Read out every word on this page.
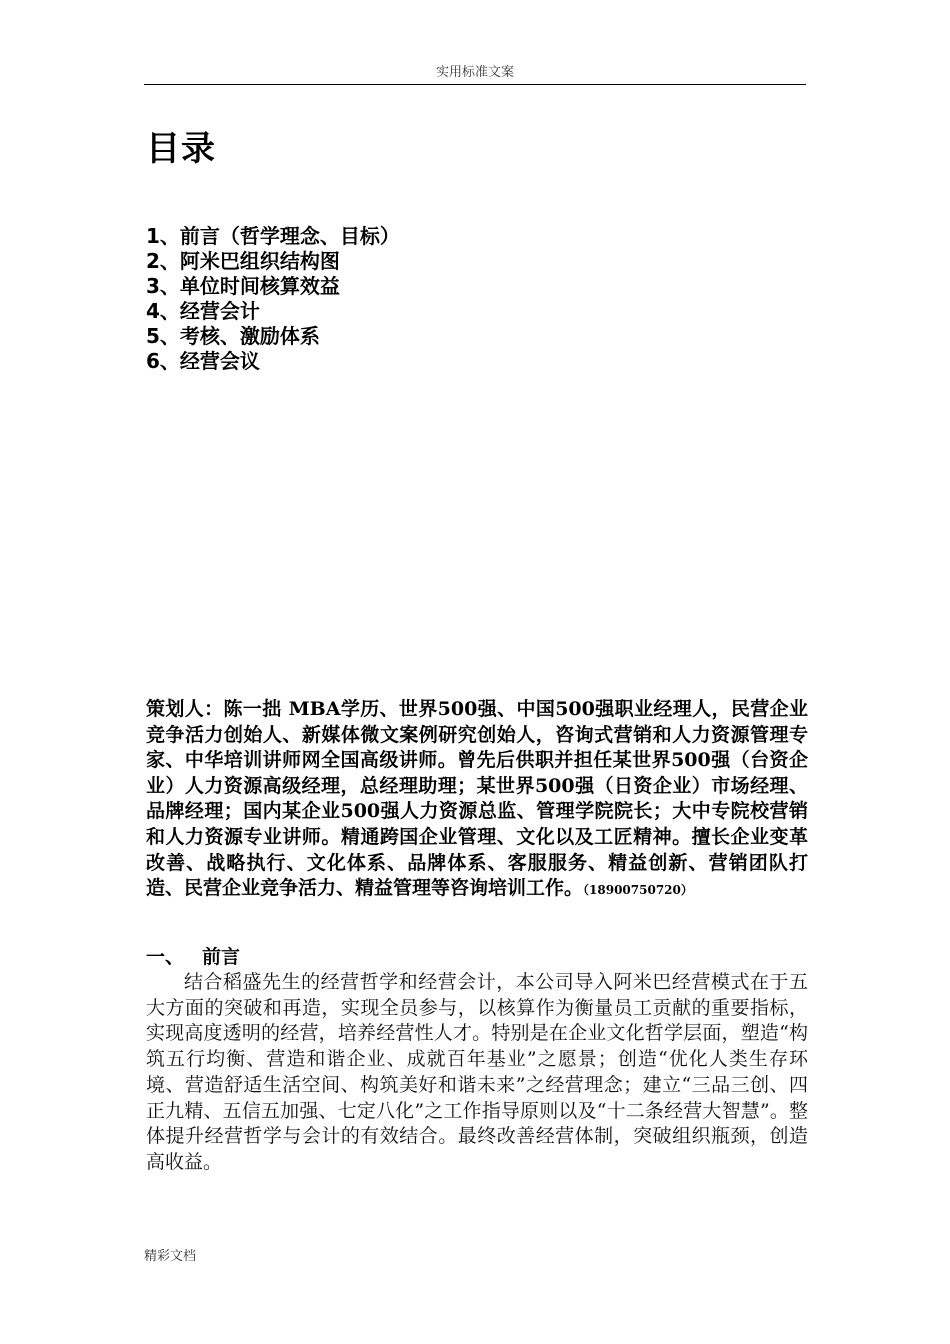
实用标准文案
目录
1、前言（哲学理念、目标）
2、阿米巴组织结构图
3、单位时间核算效益
4、经营会计
5、考核、激励体系
6、经营会议
策划人：陈一拙 MBA学历、世界500强、中国500强职业经理人，民营企业竞争活力创始人、新媒体微文案例研究创始人，咨询式营销和人力资源管理专家、中华培训讲师网全国高级讲师。曾先后供职并担任某世界500强（台资企业）人力资源高级经理，总经理助理；某世界500强（日资企业）市场经理、品牌经理；国内某企业500强人力资源总监、管理学院院长；大中专院校营销和人力资源专业讲师。精通跨国企业管理、文化以及工匠精神。擅长企业变革改善、战略执行、文化体系、品牌体系、客服服务、精益创新、营销团队打造、民营企业竞争活力、精益管理等咨询培训工作。（18900750720）
一、 前言

结合稻盛先生的经营哲学和经营会计，本公司导入阿米巴经营模式在于五大方面的突破和再造，实现全员参与，以核算作为衡量员工贡献的重要指标，实现高度透明的经营，培养经营性人才。特别是在企业文化哲学层面，塑造“构筑五行均衡、营造和谐企业、成就百年基业”之愿景；创造“优化人类生存环境、营造舒适生活空间、构筑美好和谐未来”之经营理念；建立“三品三创、四正九精、五信五加强、七定八化”之工作指导原则以及“十二条经营大智慧”。整体提升经营哲学与会计的有效结合。最终改善经营体制，突破组织瓶颈，创造高收益。

精彩文档
